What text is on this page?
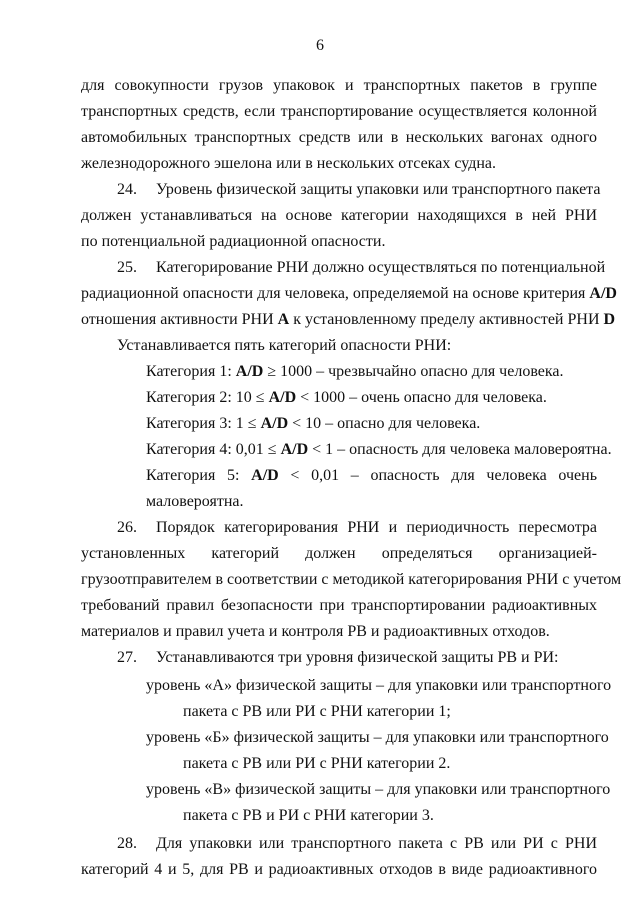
6
для совокупности грузов упаковок и транспортных пакетов в группе
транспортных средств, если транспортирование осуществляется колонной
автомобильных транспортных средств или в нескольких вагонах одного
железнодорожного эшелона или в нескольких отсеках судна.
24. Уровень физической защиты упаковки или транспортного пакета
должен устанавливаться на основе категории находящихся в ней РНИ
по потенциальной радиационной опасности.
25. Категорирование РНИ должно осуществляться по потенциальной
радиационной опасности для человека, определяемой на основе критерия A/D
отношения активности РНИ A к установленному пределу активностей РНИ D
Устанавливается пять категорий опасности РНИ:
Категория 1: A/D ≥ 1000 – чрезвычайно опасно для человека.
Категория 2: 10 ≤ A/D < 1000 – очень опасно для человека.
Категория 3: 1 ≤ A/D < 10 – опасно для человека.
Категория 4: 0,01 ≤ A/D < 1 – опасность для человека маловероятна.
Категория 5: A/D < 0,01 – опасность для человека очень
маловероятна.
26. Порядок категорирования РНИ и периодичность пересмотра
установленных категорий должен определяться организацией-
грузоотправителем в соответствии с методикой категорирования РНИ с учетом
требований правил безопасности при транспортировании радиоактивных
материалов и правил учета и контроля РВ и радиоактивных отходов.
27. Устанавливаются три уровня физической защиты РВ и РИ:
уровень «А» физической защиты – для упаковки или транспортного
пакета с РВ или РИ с РНИ категории 1;
уровень «Б» физической защиты – для упаковки или транспортного
пакета с РВ или РИ с РНИ категории 2.
уровень «В» физической защиты – для упаковки или транспортного
пакета с РВ и РИ с РНИ категории 3.
28. Для упаковки или транспортного пакета с РВ или РИ с РНИ
категорий 4 и 5, для РВ и радиоактивных отходов в виде радиоактивного
